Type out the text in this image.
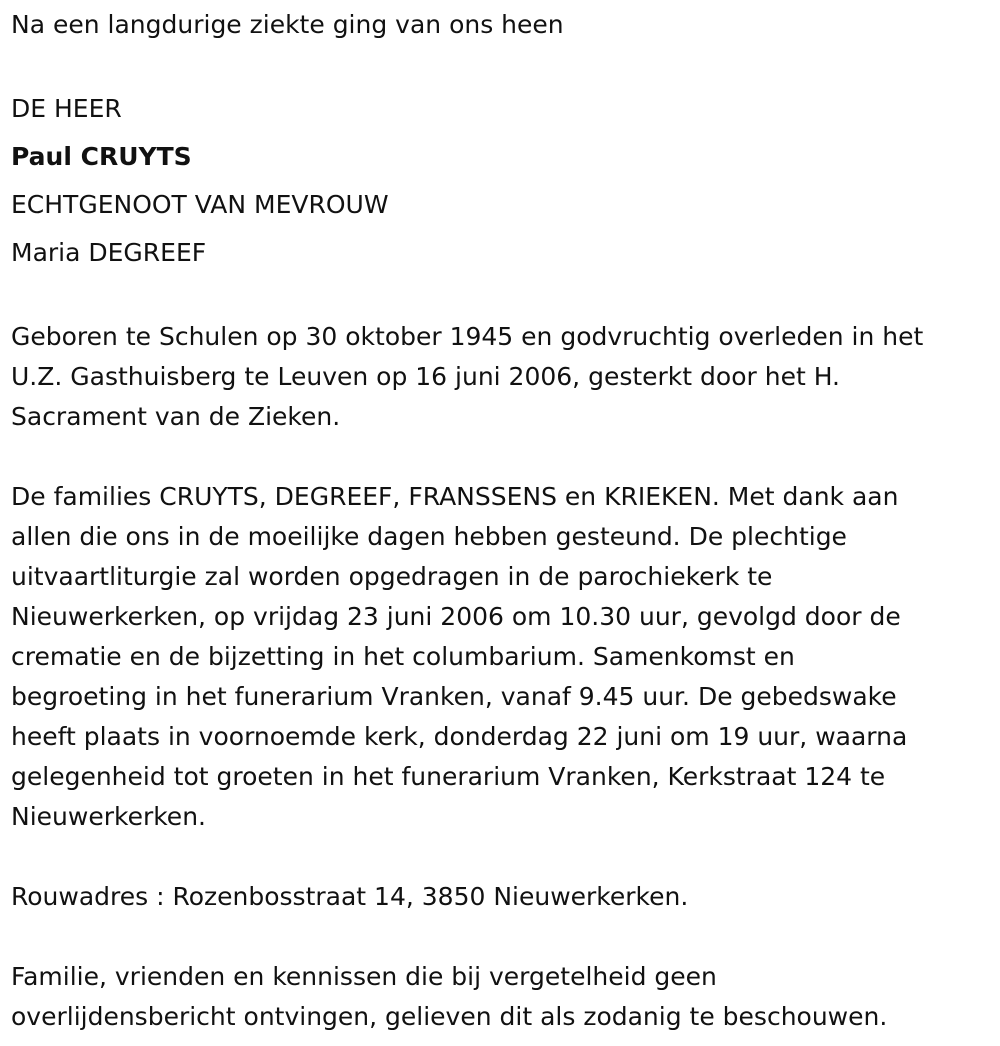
Na een langdurige ziekte ging van ons heen

DE HEER

Paul CRUYTS

ECHTGENOOT VAN MEVROUW

Maria DEGREEF

Geboren te Schulen op 30 oktober 1945 en godvruchtig overleden in het

U.Z. Gasthuisberg te Leuven op 16 juni 2006, gesterkt door het H.

Sacrament van de Zieken.

De families CRUYTS, DEGREEF, FRANSSENS en KRIEKEN. Met dank aan

allen die ons in de moeilijke dagen hebben gesteund. De plechtige

uitvaartliturgie zal worden opgedragen in de parochiekerk te

Nieuwerkerken, op vrijdag 23 juni 2006 om 10.30 uur, gevolgd door de

crematie en de bijzetting in het columbarium. Samenkomst en

begroeting in het funerarium Vranken, vanaf 9.45 uur. De gebedswake

heeft plaats in voornoemde kerk, donderdag 22 juni om 19 uur, waarna

gelegenheid tot groeten in het funerarium Vranken, Kerkstraat 124 te

Nieuwerkerken.

Rouwadres : Rozenbosstraat 14, 3850 Nieuwerkerken.

Familie, vrienden en kennissen die bij vergetelheid geen

overlijdensbericht ontvingen, gelieven dit als zodanig te beschouwen.
